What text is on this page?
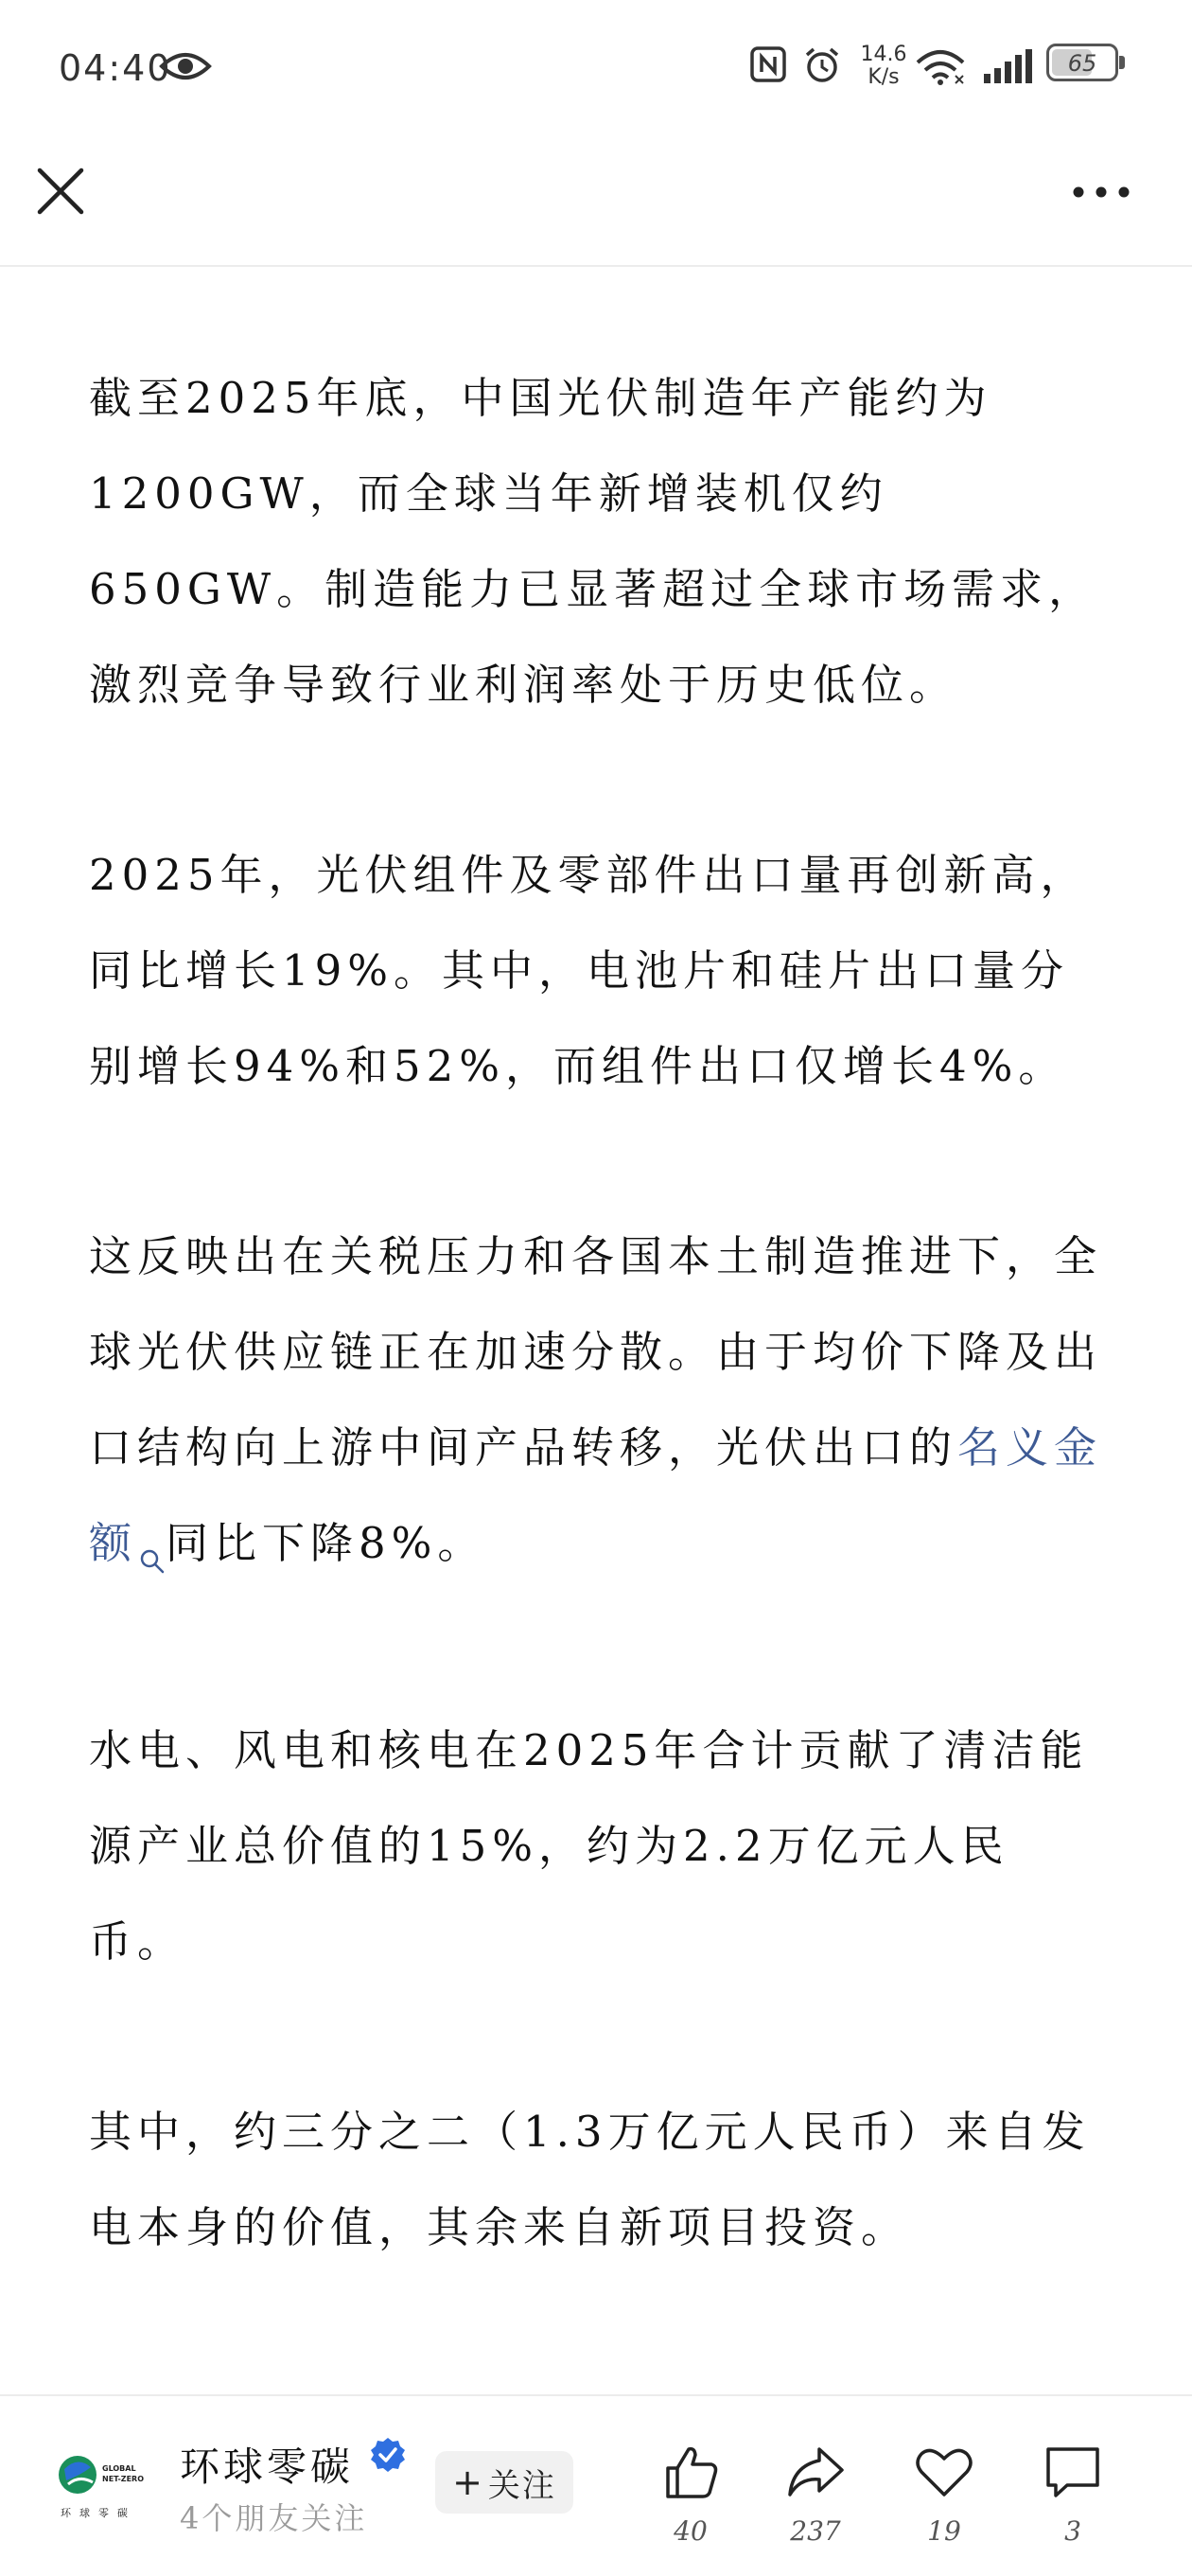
04:40	14.6
K/s
65

截至2025年底，中国光伏制造年产能约为1200GW，而全球当年新增装机仅约650GW。制造能力已显著超过全球市场需求，激烈竞争导致行业利润率处于历史低位。

2025年，光伏组件及零部件出口量再创新高，同比增长19%。其中，电池片和硅片出口量分别增长94%和52%，而组件出口仅增长4%。

这反映出在关税压力和各国本土制造推进下，全球光伏供应链正在加速分散。由于均价下降及出口结构向上游中间产品转移，光伏出口的名义金额 同比下降8%。

水电、风电和核电在2025年合计贡献了清洁能源产业总价值的15%，约为2.2万亿元人民币。

其中，约三分之二（1.3万亿元人民币）来自发电本身的价值，其余来自新项目投资。

GLOBAL
NET-ZERO
环球零碳
环球零碳
4个朋友关注
+ 关注
40	237	19	3
